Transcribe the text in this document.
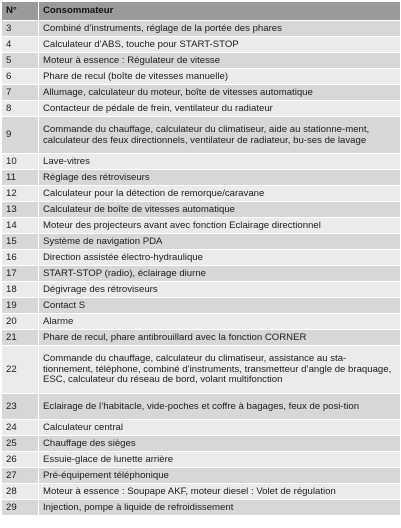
N°	Consommateur
3	Combiné d’instruments, réglage de la portée des phares
4	Calculateur d’ABS, touche pour START-STOP
5	Moteur à essence : Régulateur de vitesse
6	Phare de recul (boîte de vitesses manuelle)
7	Allumage, calculateur du moteur, boîte de vitesses automatique
8	Contacteur de pédale de frein, ventilateur du radiateur
9	Commande du chauffage, calculateur du climatiseur, aide au stationne-ment, calculateur des feux directionnels, ventilateur de radiateur, bu-ses de lavage
10	Lave-vitres
11	Réglage des rétroviseurs
12	Calculateur pour la détection de remorque/caravane
13	Calculateur de boîte de vitesses automatique
14	Moteur des projecteurs avant avec fonction Eclairage directionnel
15	Système de navigation PDA
16	Direction assistée électro-hydraulique
17	START-STOP (radio), éclairage diurne
18	Dégivrage des rétroviseurs
19	Contact S
20	Alarme
21	Phare de recul, phare antibrouillard avec la fonction CORNER
22	Commande du chauffage, calculateur du climatiseur, assistance au sta-tionnement, téléphone, combiné d’instruments, transmetteur d’angle de braquage, ESC, calculateur du réseau de bord, volant multifonction
23	Eclairage de l’habitacle, vide-poches et coffre à bagages, feux de posi-tion
24	Calculateur central
25	Chauffage des sièges
26	Essuie-glace de lunette arrière
27	Pré-équipement téléphonique
28	Moteur à essence : Soupape AKF, moteur diesel : Volet de régulation
29	Injection, pompe à liquide de refroidissement
